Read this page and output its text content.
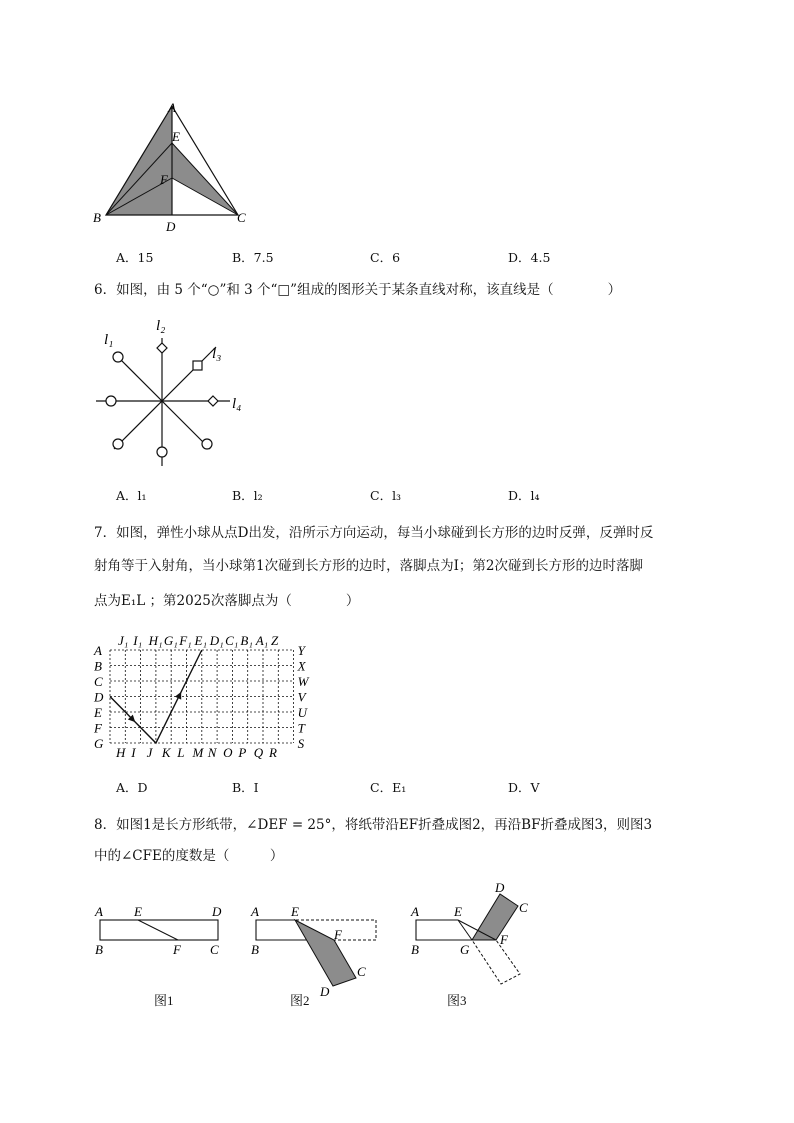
A
E
F
B
D
C
A．15	B．7.5	C．6	D．4.5
6．如图，由 5 个“○”和 3 个“□”组成的图形关于某条直线对称，该直线是（　　　　）
l₁
l₂
l₃
l₄
A．l₁	B．l₂	C．l₃	D．l₄
7．如图，弹性小球从点D出发，沿所示方向运动，每当小球碰到长方形的边时反弹，反弹时反
射角等于入射角，当小球第1次碰到长方形的边时，落脚点为I；第2次碰到长方形的边时落脚
点为E₁L ；第2025次落脚点为（　　　　）
A
B
C
D
E
F
G
Y
X
W
V
U
T
S
J₁ I₁ H₁ G₁ F₁ E₁ D₁ C₁ B₁ A₁ Z
H I J K L M N O P Q R
A．D	B．I	C．E₁	D．V
8．如图1是长方形纸带，∠DEF = 25°，将纸带沿EF折叠成图2，再沿BF折叠成图3，则图3
中的∠CFE的度数是（　　　）
A E	D
B	F C
图1
A E
B
F
C
D
图2
A	E
B	G
F
D
C
图3
